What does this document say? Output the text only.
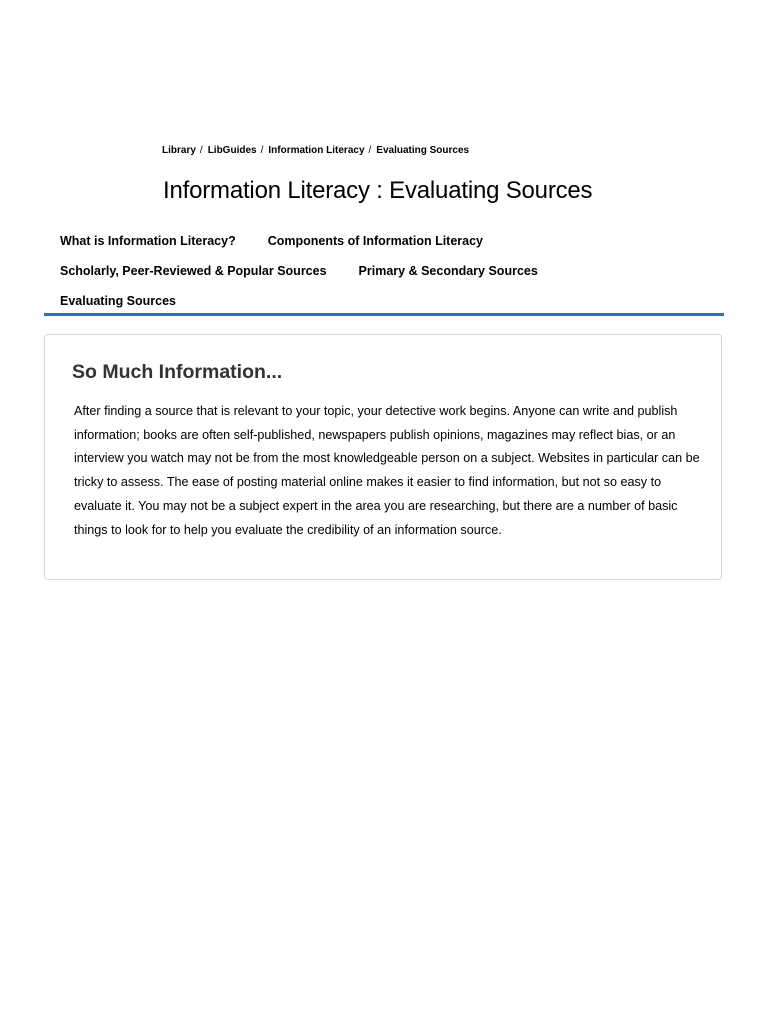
Library / LibGuides / Information Literacy / Evaluating Sources
Information Literacy : Evaluating Sources
What is Information Literacy?	Components of Information Literacy
Scholarly, Peer-Reviewed & Popular Sources	Primary & Secondary Sources
Evaluating Sources
So Much Information...

After finding a source that is relevant to your topic, your detective work begins. Anyone can write and publish information; books are often self-published, newspapers publish opinions, magazines may reflect bias, or an interview you watch may not be from the most knowledgeable person on a subject. Websites in particular can be tricky to assess. The ease of posting material online makes it easier to find information, but not so easy to evaluate it. You may not be a subject expert in the area you are researching, but there are a number of basic things to look for to help you evaluate the credibility of an information source.
